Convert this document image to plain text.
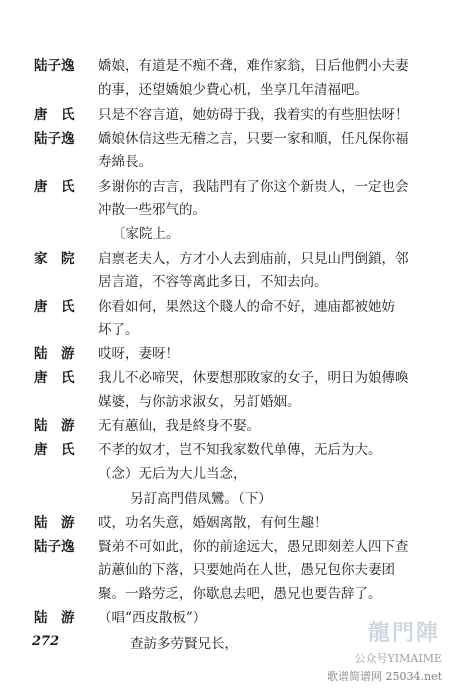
陆子逸	嬌娘，有道是不痴不聋，难作家翁，日后他們小夫妻
的事，还望嬌娘少費心机，坐享几年清福吧。
唐　氏	只是不容言道，她妨碍于我，我着实的有些胆怯呀！
陆子逸	嬌娘休信这些无稽之言，只要一家和順，任凡保你福
寿綿長。
唐　氏	多谢你的吉言，我陆門有了你这个新贵人，一定也会
冲散一些邪气的。
〔家院上。
家　院	启禀老夫人，方才小人去到庙前，只見山門倒鎖，邻
居言道，不容等离此多日，不知去向。
唐　氏	你看如何，果然这个賤人的命不好，連庙都被她妨
坏了。
陆　游	哎呀，妻呀！
唐　氏	我儿不必啼哭，休要想那敗家的女子，明日为娘傳喚
媒婆，与你訪求淑女，另訂婚姻。
陆　游	无有蕙仙，我是終身不娶。
唐　氏	不孝的奴才，岂不知我家数代单傳，无后为大。
（念）无后为大儿当念，
另訂高門借凤鸞。（下）
陆　游	哎，功名失意，婚姻离散，有何生趣！
陆子逸	賢弟不可如此，你的前途远大，愚兄即刻差人四下查
訪蕙仙的下落，只要她尚在人世，愚兄包你夫妻团
聚。一路劳乏，你歇息去吧，愚兄也要告辞了。
陆　游	（唱“西皮散板”）
查訪多劳賢兄长，
272	龍門陣
公众号YIMAIME
歌谱简谱网 25034.net
